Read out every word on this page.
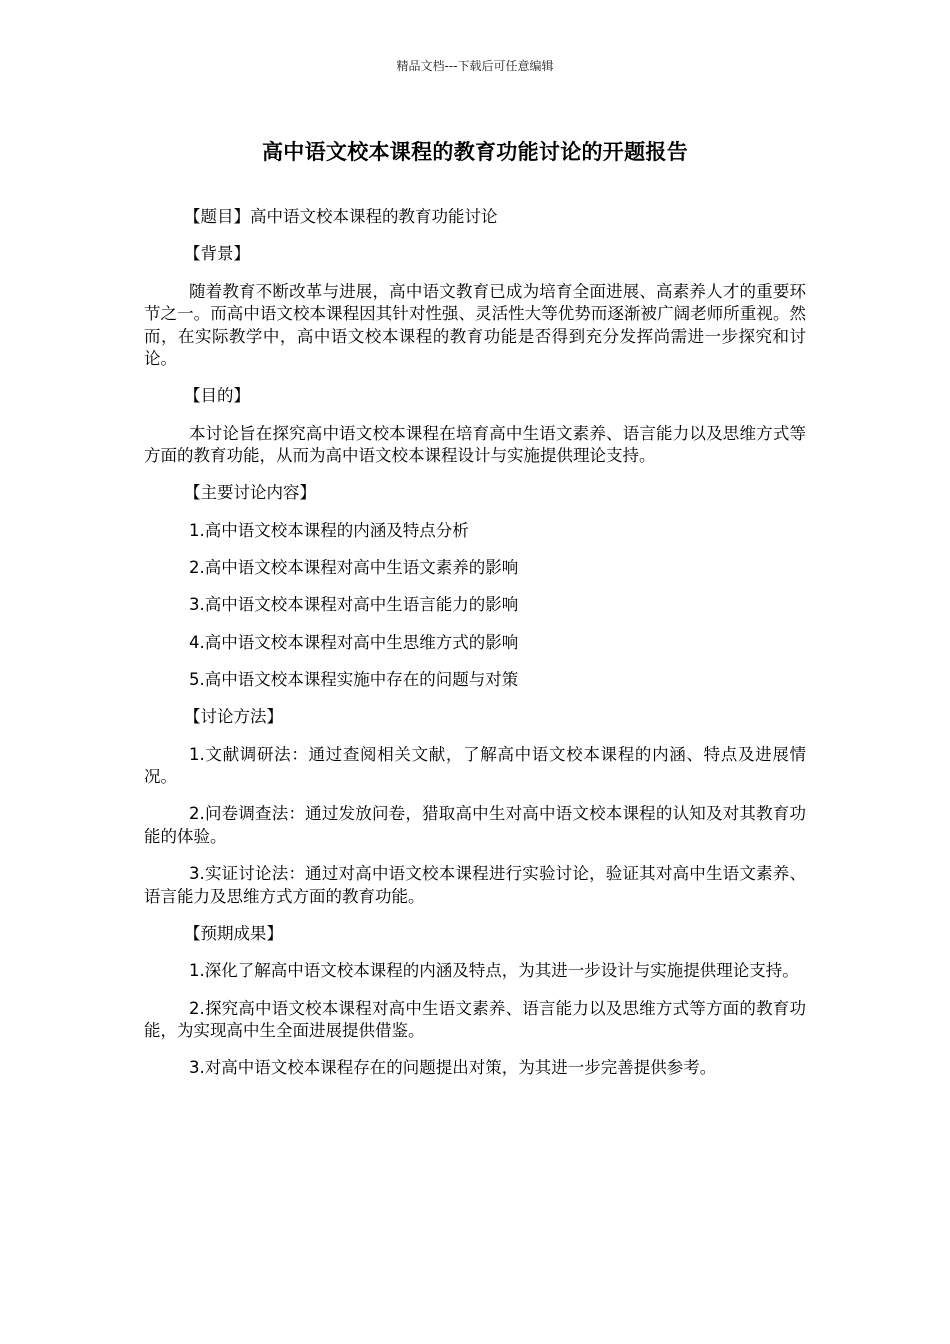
精品文档---下载后可任意编辑
高中语文校本课程的教育功能讨论的开题报告

【题目】高中语文校本课程的教育功能讨论

【背景】

随着教育不断改革与进展，高中语文教育已成为培育全面进展、高素养人才的重要环节之一。而高中语文校本课程因其针对性强、灵活性大等优势而逐渐被广阔老师所重视。然而，在实际教学中，高中语文校本课程的教育功能是否得到充分发挥尚需进一步探究和讨论。

【目的】

本讨论旨在探究高中语文校本课程在培育高中生语文素养、语言能力以及思维方式等方面的教育功能，从而为高中语文校本课程设计与实施提供理论支持。

【主要讨论内容】

1.高中语文校本课程的内涵及特点分析

2.高中语文校本课程对高中生语文素养的影响

3.高中语文校本课程对高中生语言能力的影响

4.高中语文校本课程对高中生思维方式的影响

5.高中语文校本课程实施中存在的问题与对策

【讨论方法】

1.文献调研法：通过查阅相关文献，了解高中语文校本课程的内涵、特点及进展情况。

2.问卷调查法：通过发放问卷，猎取高中生对高中语文校本课程的认知及对其教育功能的体验。

3.实证讨论法：通过对高中语文校本课程进行实验讨论，验证其对高中生语文素养、语言能力及思维方式方面的教育功能。

【预期成果】

1.深化了解高中语文校本课程的内涵及特点，为其进一步设计与实施提供理论支持。

2.探究高中语文校本课程对高中生语文素养、语言能力以及思维方式等方面的教育功能，为实现高中生全面进展提供借鉴。

3.对高中语文校本课程存在的问题提出对策，为其进一步完善提供参考。
